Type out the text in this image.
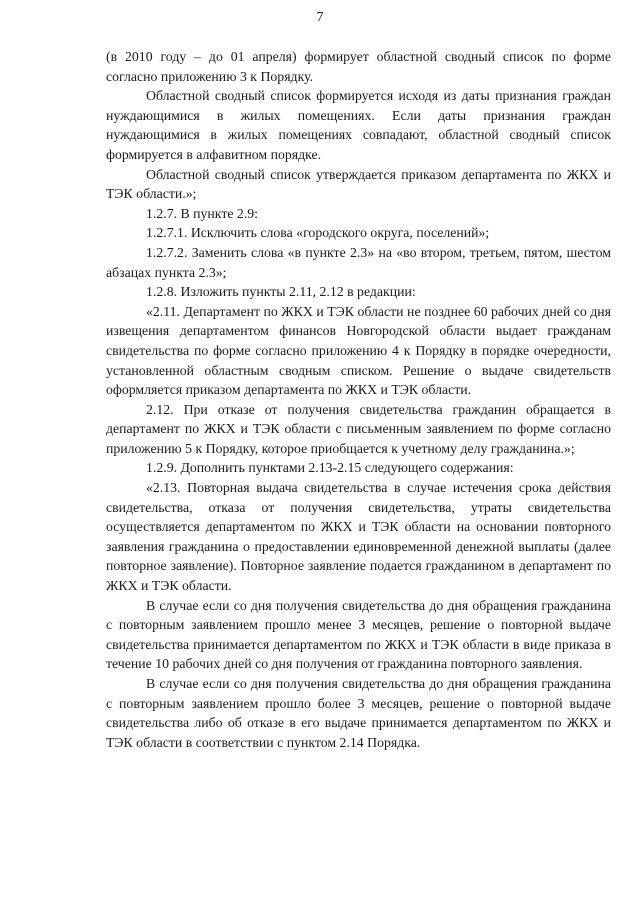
7

(в 2010 году – до 01 апреля) формирует областной сводный список по форме согласно приложению 3 к Порядку.

Областной сводный список формируется исходя из даты признания граждан нуждающимися в жилых помещениях. Если даты признания граждан нуждающимися в жилых помещениях совпадают, областной сводный список формируется в алфавитном порядке.

Областной сводный список утверждается приказом департамента по ЖКХ и ТЭК области.»;

1.2.7. В пункте 2.9:

1.2.7.1. Исключить слова «городского округа, поселений»;

1.2.7.2. Заменить слова «в пункте 2.3» на «во втором, третьем, пятом, шестом абзацах пункта 2.3»;

1.2.8. Изложить пункты 2.11, 2.12 в редакции:

«2.11. Департамент по ЖКХ и ТЭК области не позднее 60 рабочих дней со дня извещения департаментом финансов Новгородской области выдает гражданам свидетельства по форме согласно приложению 4 к Порядку в порядке очередности, установленной областным сводным списком. Решение о выдаче свидетельств оформляется приказом департамента по ЖКХ и ТЭК области.

2.12. При отказе от получения свидетельства гражданин обращается в департамент по ЖКХ и ТЭК области с письменным заявлением по форме согласно приложению 5 к Порядку, которое приобщается к учетному делу гражданина.»;

1.2.9. Дополнить пунктами 2.13-2.15 следующего содержания:

«2.13. Повторная выдача свидетельства в случае истечения срока действия свидетельства, отказа от получения свидетельства, утраты свидетельства осуществляется департаментом по ЖКХ и ТЭК области на основании повторного заявления гражданина о предоставлении единовременной денежной выплаты (далее повторное заявление). Повторное заявление подается гражданином в департамент по ЖКХ и ТЭК области.

В случае если со дня получения свидетельства до дня обращения гражданина с повторным заявлением прошло менее 3 месяцев, решение о повторной выдаче свидетельства принимается департаментом по ЖКХ и ТЭК области в виде приказа в течение 10 рабочих дней со дня получения от гражданина повторного заявления.

В случае если со дня получения свидетельства до дня обращения гражданина с повторным заявлением прошло более 3 месяцев, решение о повторной выдаче свидетельства либо об отказе в его выдаче принимается департаментом по ЖКХ и ТЭК области в соответствии с пунктом 2.14 Порядка.
